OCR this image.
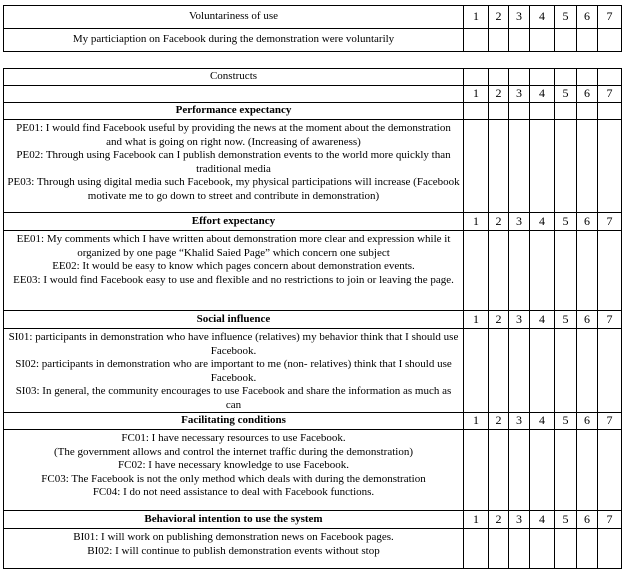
Voluntariness of use	1	2	3	4	5	6	7
My particiaption on Facebook during the demonstration were voluntarily							
Constructs							
	1	2	3	4	5	6	7
Performance expectancy							

PE01: I would find Facebook useful by providing the news at the moment about the demonstration and what is going on right now. (Increasing of awareness)
PE02: Through using Facebook can I publish demonstration events to the world more quickly than traditional media
PE03: Through using digital media such Facebook, my physical participations will increase (Facebook motivate me to go down to street and contribute in demonstration)							

Effort expectancy	1	2	3	4	5	6	7

EE01: My comments which I have written about demonstration more clear and expression while it organized by one page “Khalid Saied Page” which concern one subject
EE02: It would be easy to know which pages concern about demonstration events.
EE03: I would find Facebook easy to use and flexible and no restrictions to join or leaving the page.							

Social influence	1	2	3	4	5	6	7

SI01: participants in demonstration who have influence (relatives) my behavior think that I should use Facebook.
SI02: participants in demonstration who are important to me (non- relatives) think that I should use Facebook.
SI03: In general, the community encourages to use Facebook and share the information as much as can							

Facilitating conditions	1	2	3	4	5	6	7

FC01: I have necessary resources to use Facebook.
(The government allows and control the internet traffic during the demonstration)
FC02: I have necessary knowledge to use Facebook.
FC03: The Facebook is not the only method which deals with during the demonstration
FC04: I do not need assistance to deal with Facebook functions.							

Behavioral intention to use the system	1	2	3	4	5	6	7

BI01: I will work on publishing demonstration news on Facebook pages.
BI02: I will continue to publish demonstration events without stop							
